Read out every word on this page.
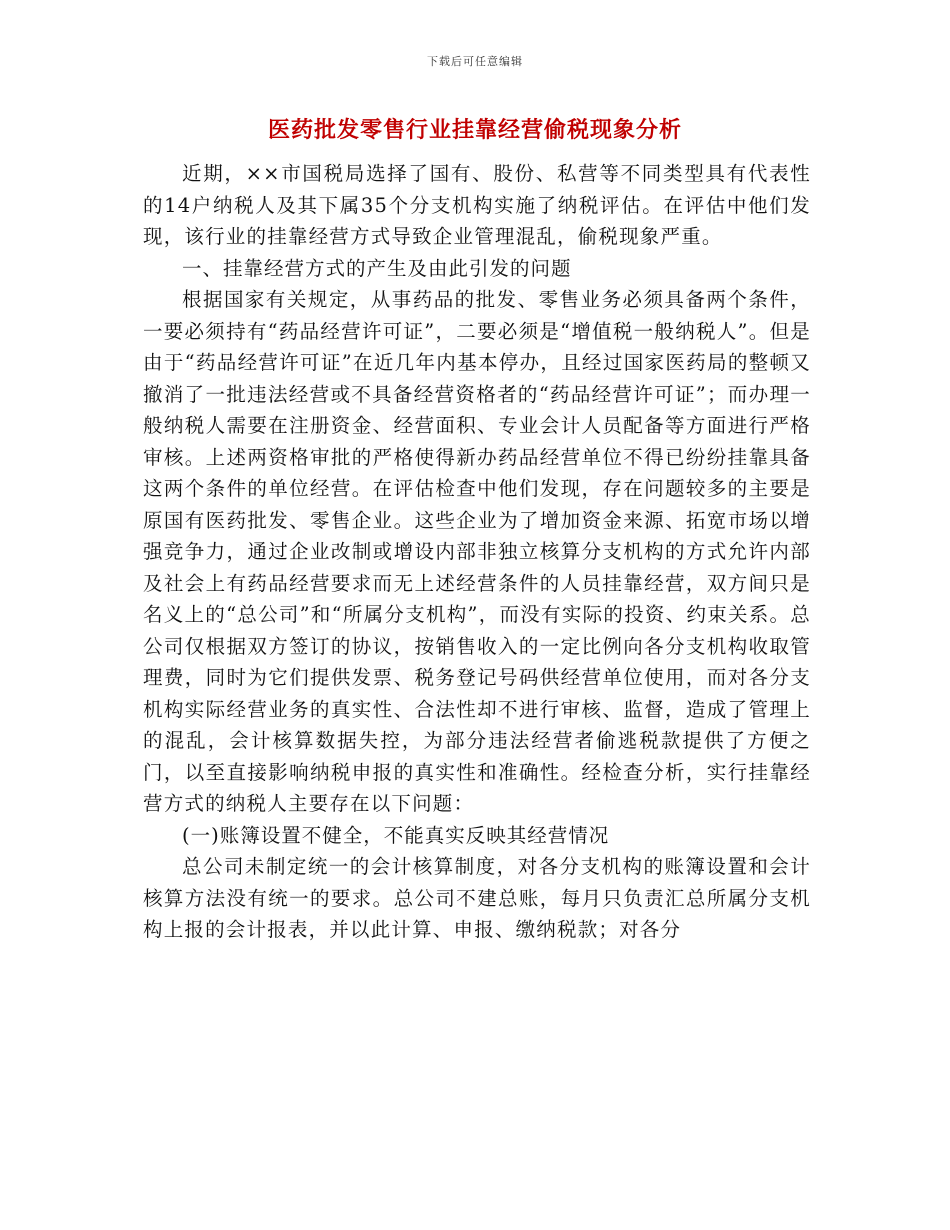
下载后可任意编辑
医药批发零售行业挂靠经营偷税现象分析

近期，××市国税局选择了国有、股份、私营等不同类型具有代表性的14户纳税人及其下属35个分支机构实施了纳税评估。在评估中他们发现，该行业的挂靠经营方式导致企业管理混乱，偷税现象严重。

一、挂靠经营方式的产生及由此引发的问题

根据国家有关规定，从事药品的批发、零售业务必须具备两个条件，一要必须持有“药品经营许可证”，二要必须是“增值税一般纳税人”。但是由于“药品经营许可证”在近几年内基本停办，且经过国家医药局的整顿又撤消了一批违法经营或不具备经营资格者的“药品经营许可证”；而办理一般纳税人需要在注册资金、经营面积、专业会计人员配备等方面进行严格审核。上述两资格审批的严格使得新办药品经营单位不得已纷纷挂靠具备这两个条件的单位经营。在评估检查中他们发现，存在问题较多的主要是原国有医药批发、零售企业。这些企业为了增加资金来源、拓宽市场以增强竞争力，通过企业改制或增设内部非独立核算分支机构的方式允许内部及社会上有药品经营要求而无上述经营条件的人员挂靠经营，双方间只是名义上的“总公司”和“所属分支机构”，而没有实际的投资、约束关系。总公司仅根据双方签订的协议，按销售收入的一定比例向各分支机构收取管理费，同时为它们提供发票、税务登记号码供经营单位使用，而对各分支机构实际经营业务的真实性、合法性却不进行审核、监督，造成了管理上的混乱，会计核算数据失控，为部分违法经营者偷逃税款提供了方便之门，以至直接影响纳税申报的真实性和准确性。经检查分析，实行挂靠经营方式的纳税人主要存在以下问题：

(一)账簿设置不健全，不能真实反映其经营情况

总公司未制定统一的会计核算制度，对各分支机构的账簿设置和会计核算方法没有统一的要求。总公司不建总账，每月只负责汇总所属分支机构上报的会计报表，并以此计算、申报、缴纳税款；对各分
